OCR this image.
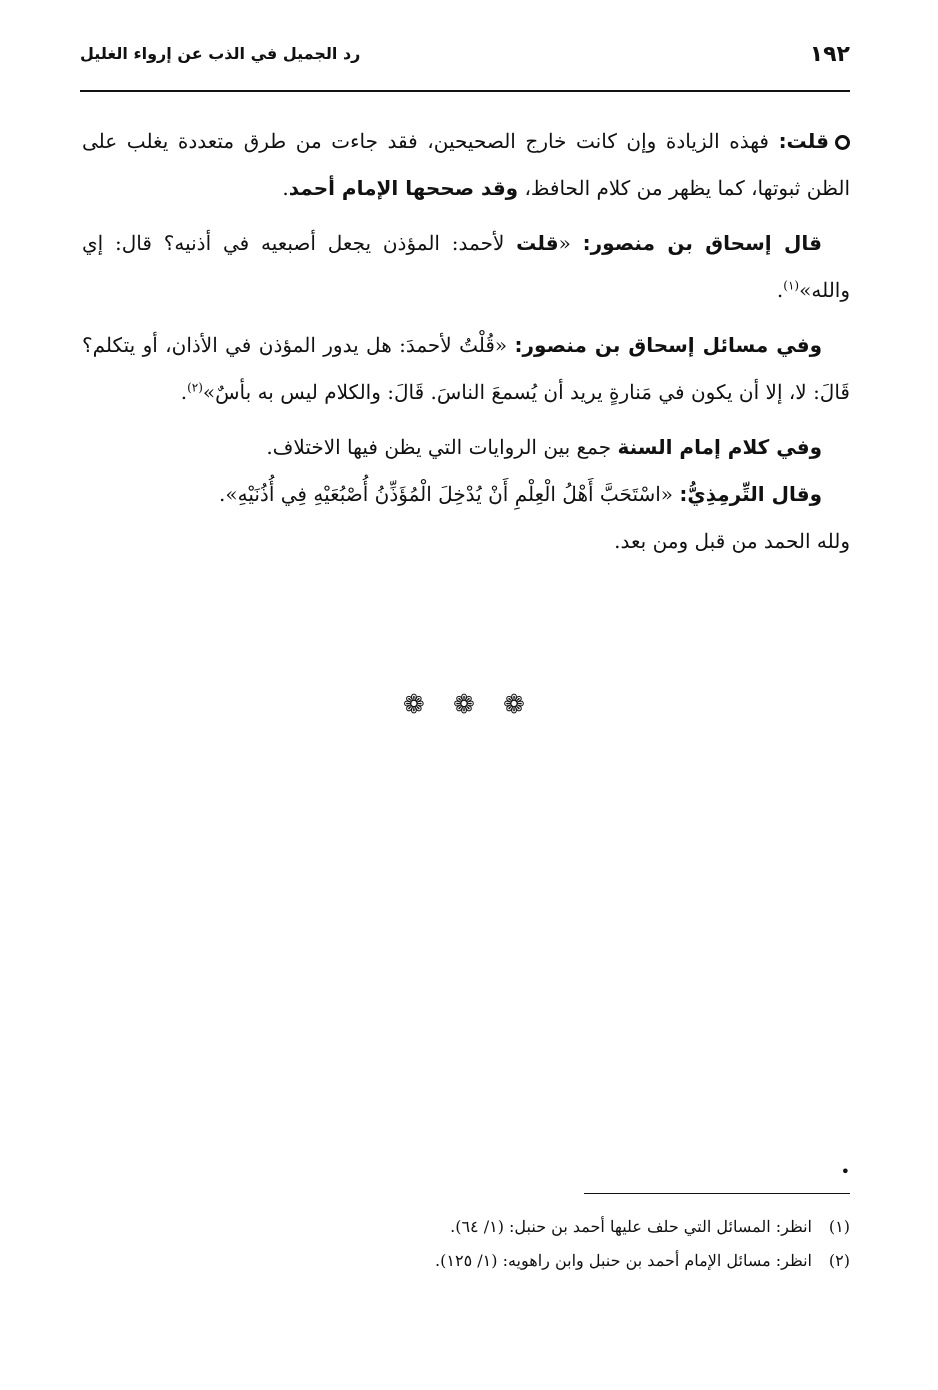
١٩٢
رد الجميل في الذب عن إرواء الغليل

قلت: فهذه الزيادة وإن كانت خارج الصحيحين، فقد جاءت من طرق متعددة يغلب على الظن ثبوتها، كما يظهر من كلام الحافظ، وقد صححها الإمام أحمد.

قال إسحاق بن منصور: «قلت لأحمد: المؤذن يجعل أصبعيه في أذنيه؟ قال: إي والله»$^{(١)}$.

وفي مسائل إسحاق بن منصور: «قُلْتُ لأحمدَ: هل يدور المؤذن في الأذان، أو يتكلم؟ قَالَ: لا، إلا أن يكون في مَنارةٍ يريد أن يُسمعَ الناسَ. قَالَ: والكلام ليس به بأسٌ»$^{(٢)}$.

وفي كلام إمام السنة جمع بين الروايات التي يظن فيها الاختلاف.

وقال التِّرمِذِيُّ: «اسْتَحَبَّ أَهْلُ الْعِلْمِ أَنْ يُدْخِلَ الْمُؤَذِّنُ أُصْبُعَيْهِ فِي أُذُنَيْهِ».

ولله الحمد من قبل ومن بعد.

❁ ❁ ❁
•
(١)انظر: المسائل التي حلف عليها أحمد بن حنبل: (١/ ٦٤).
(٢)انظر: مسائل الإمام أحمد بن حنبل وابن راهويه: (١/ ١٢٥).
